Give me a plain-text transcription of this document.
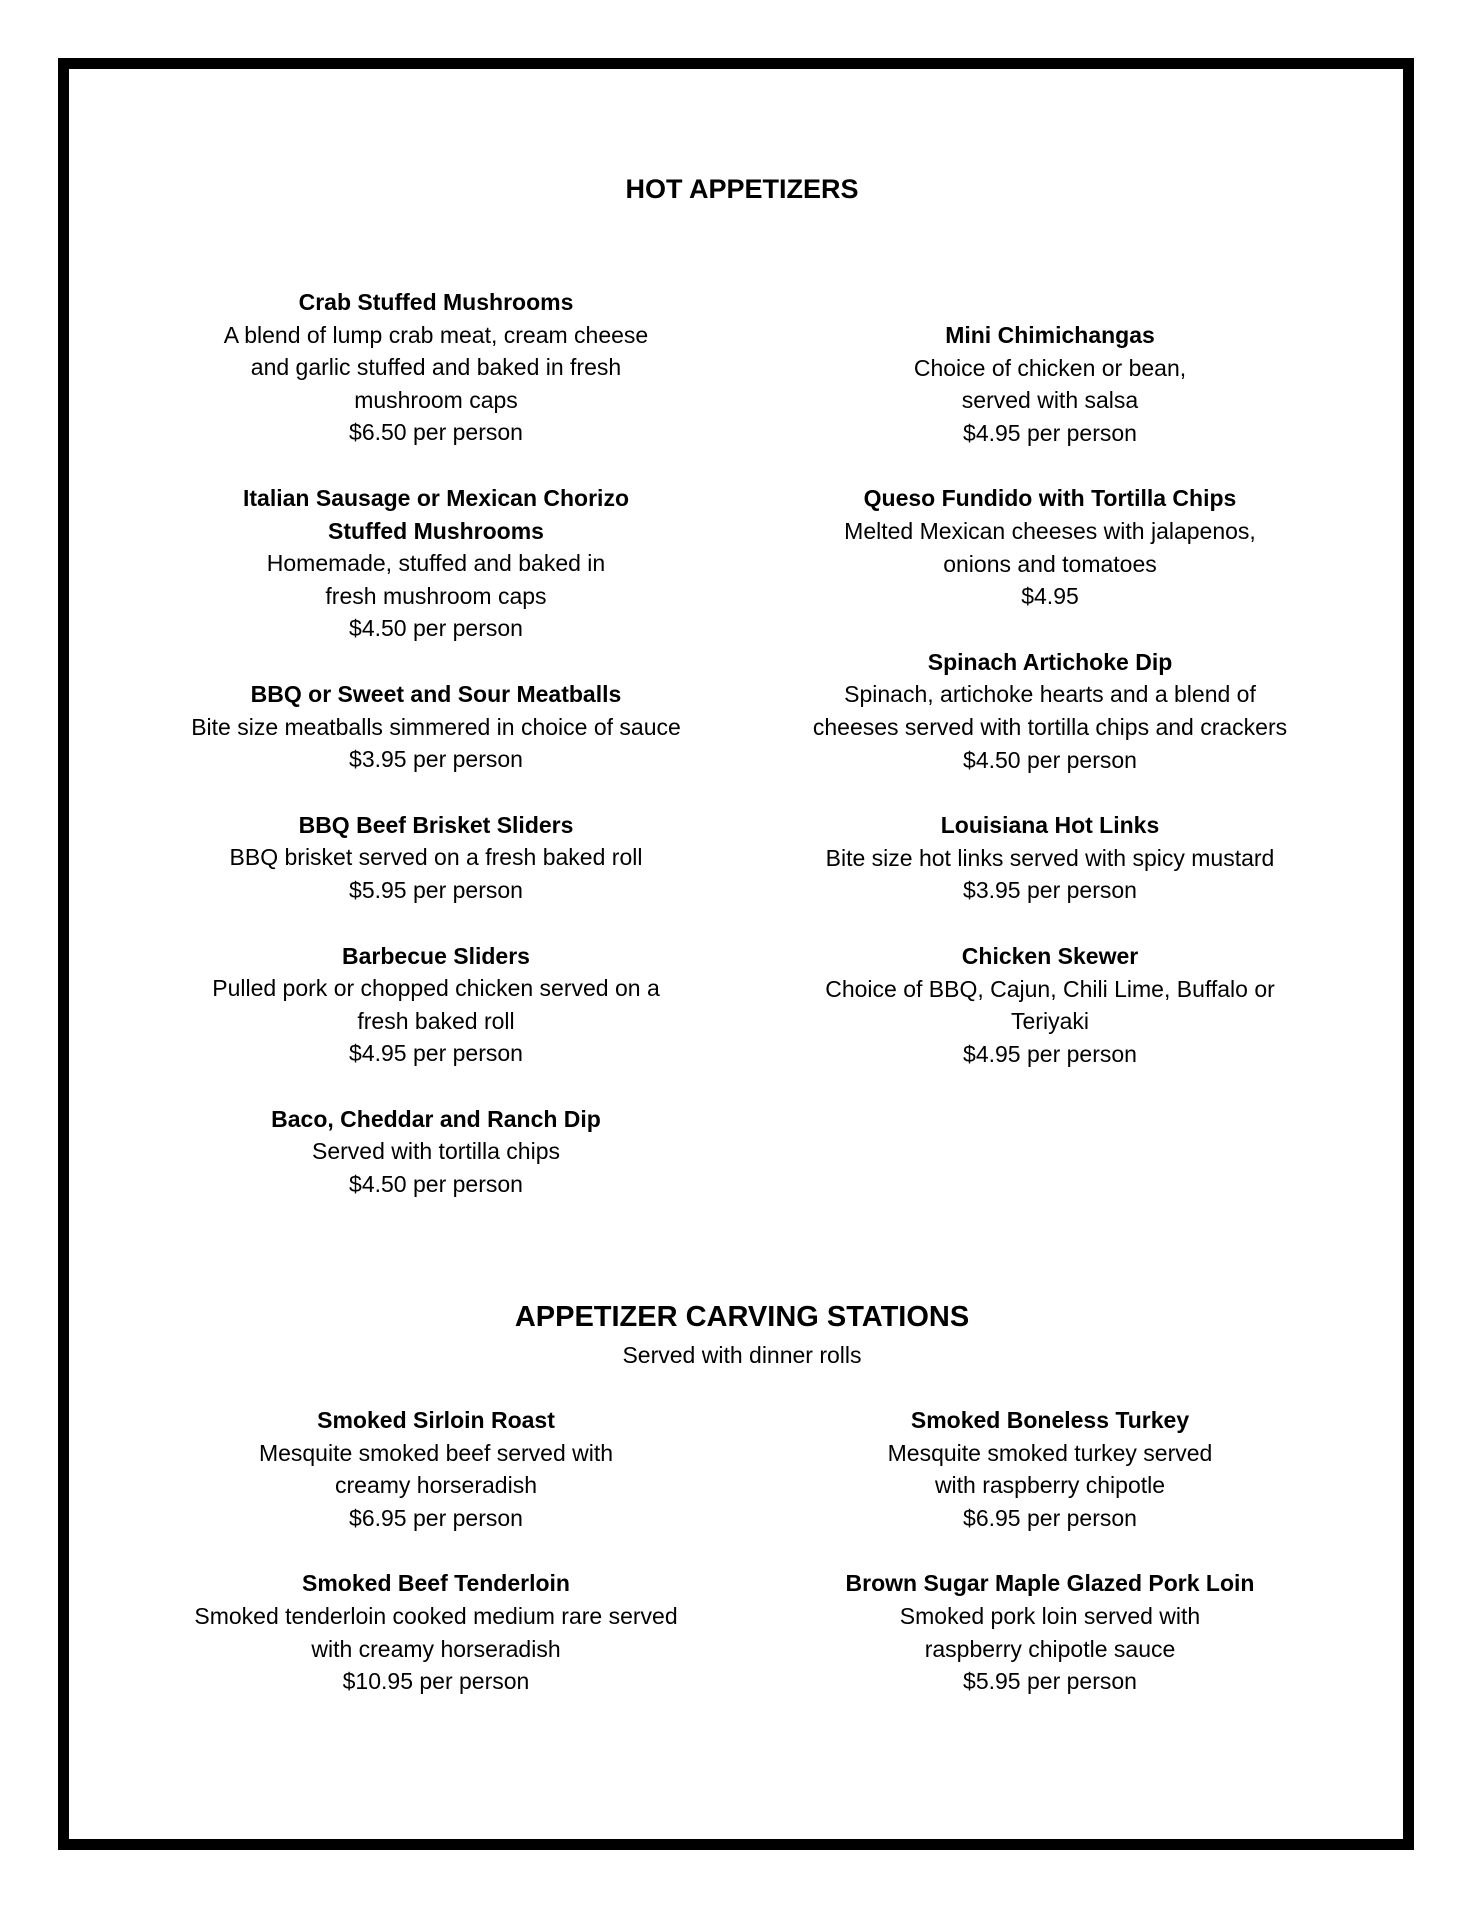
HOT APPETIZERS
Crab Stuffed Mushrooms
A blend of lump crab meat, cream cheese
and garlic stuffed and baked in fresh
mushroom caps
$6.50 per person
Italian Sausage or Mexican Chorizo
Stuffed Mushrooms
Homemade, stuffed and baked in
fresh mushroom caps
$4.50 per person
BBQ or Sweet and Sour Meatballs
Bite size meatballs simmered in choice of sauce
$3.95 per person
BBQ Beef Brisket Sliders
BBQ brisket served on a fresh baked roll
$5.95 per person
Barbecue Sliders
Pulled pork or chopped chicken served on a
fresh baked roll
$4.95 per person
Baco, Cheddar and Ranch Dip
Served with tortilla chips
$4.50 per person
Mini Chimichangas
Choice of chicken or bean,
served with salsa
$4.95 per person
Queso Fundido with Tortilla Chips
Melted Mexican cheeses with jalapenos,
onions and tomatoes
$4.95
Spinach Artichoke Dip
Spinach, artichoke hearts and a blend of
cheeses served with tortilla chips and crackers
$4.50 per person
Louisiana Hot Links
Bite size hot links served with spicy mustard
$3.95 per person
Chicken Skewer
Choice of BBQ, Cajun, Chili Lime, Buffalo or
Teriyaki
$4.95 per person
APPETIZER CARVING STATIONS
Served with dinner rolls
Smoked Sirloin Roast
Mesquite smoked beef served with
creamy horseradish
$6.95 per person
Smoked Beef Tenderloin
Smoked tenderloin cooked medium rare served
with creamy horseradish
$10.95 per person
Smoked Boneless Turkey
Mesquite smoked turkey served
with raspberry chipotle
$6.95 per person
Brown Sugar Maple Glazed Pork Loin
Smoked pork loin served with
raspberry chipotle sauce
$5.95 per person
